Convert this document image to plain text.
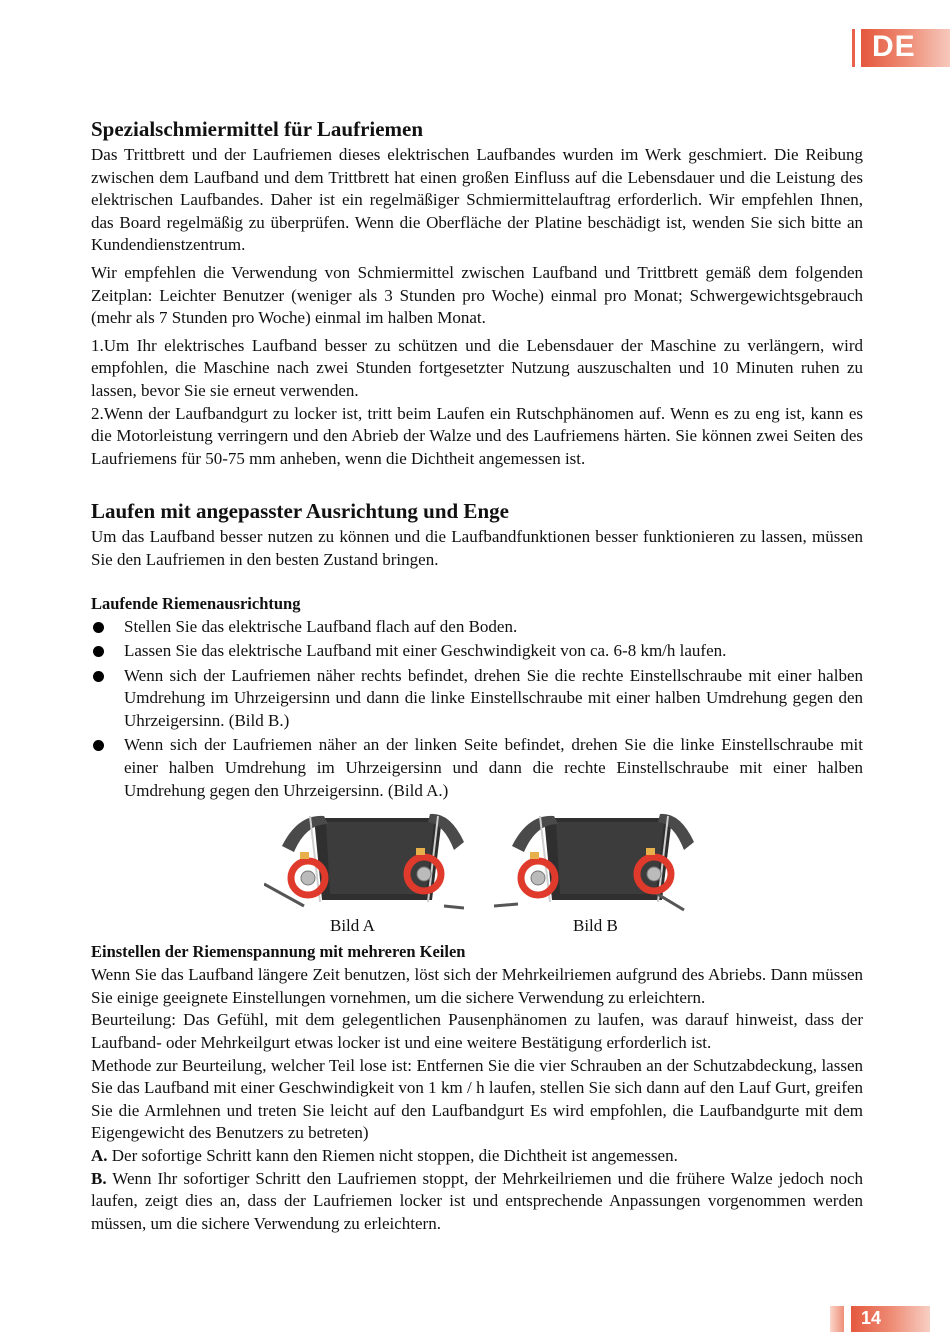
DE
Spezialschmiermittel für Laufriemen

Das Trittbrett und der Laufriemen dieses elektrischen Laufbandes wurden im Werk geschmiert. Die Reibung zwischen dem Laufband und dem Trittbrett hat einen großen Einfluss auf die Lebensdauer und die Leistung des elektrischen Laufbandes. Daher ist ein regelmäßiger Schmiermittelauftrag erforderlich. Wir empfehlen Ihnen, das Board regelmäßig zu überprüfen. Wenn die Oberfläche der Platine beschädigt ist, wenden Sie sich bitte an Kundendienstzentrum.

Wir empfehlen die Verwendung von Schmiermittel zwischen Laufband und Trittbrett gemäß dem folgenden Zeitplan: Leichter Benutzer (weniger als 3 Stunden pro Woche) einmal pro Monat; Schwergewichtsgebrauch (mehr als 7 Stunden pro Woche) einmal im halben Monat.

1.Um Ihr elektrisches Laufband besser zu schützen und die Lebensdauer der Maschine zu verlängern, wird empfohlen, die Maschine nach zwei Stunden fortgesetzter Nutzung auszuschalten und 10 Minuten ruhen zu lassen, bevor Sie sie erneut verwenden.

2.Wenn der Laufbandgurt zu locker ist, tritt beim Laufen ein Rutschphänomen auf. Wenn es zu eng ist, kann es die Motorleistung verringern und den Abrieb der Walze und des Laufriemens härten. Sie können zwei Seiten des Laufriemens für 50-75 mm anheben, wenn die Dichtheit angemessen ist.

Laufen mit angepasster Ausrichtung und Enge

Um das Laufband besser nutzen zu können und die Laufbandfunktionen besser funktionieren zu lassen, müssen Sie den Laufriemen in den besten Zustand bringen.

Laufende Riemenausrichtung
Stellen Sie das elektrische Laufband flach auf den Boden.
Lassen Sie das elektrische Laufband mit einer Geschwindigkeit von ca. 6-8 km/h laufen.
Wenn sich der Laufriemen näher rechts befindet, drehen Sie die rechte Einstellschraube mit einer halben Umdrehung im Uhrzeigersinn und dann die linke Einstellschraube mit einer halben Umdrehung gegen den Uhrzeigersinn. (Bild B.)
Wenn sich der Laufriemen näher an der linken Seite befindet, drehen Sie die linke Einstellschraube mit einer halben Umdrehung im Uhrzeigersinn und dann die rechte Einstellschraube mit einer halben Umdrehung gegen den Uhrzeigersinn. (Bild A.)
Bild A	Bild B
Einstellen der Riemenspannung mit mehreren Keilen

Wenn Sie das Laufband längere Zeit benutzen, löst sich der Mehrkeilriemen aufgrund des Abriebs. Dann müssen Sie einige geeignete Einstellungen vornehmen, um die sichere Verwendung zu erleichtern.

Beurteilung: Das Gefühl, mit dem gelegentlichen Pausenphänomen zu laufen, was darauf hinweist, dass der Laufband- oder Mehrkeilgurt etwas locker ist und eine weitere Bestätigung erforderlich ist.

Methode zur Beurteilung, welcher Teil lose ist: Entfernen Sie die vier Schrauben an der Schutzabdeckung, lassen Sie das Laufband mit einer Geschwindigkeit von 1 km / h laufen, stellen Sie sich dann auf den Lauf Gurt, greifen Sie die Armlehnen und treten Sie leicht auf den Laufbandgurt Es wird empfohlen, die Laufbandgurte mit dem Eigengewicht des Benutzers zu betreten)

A. Der sofortige Schritt kann den Riemen nicht stoppen, die Dichtheit ist angemessen.

B. Wenn Ihr sofortiger Schritt den Laufriemen stoppt, der Mehrkeilriemen und die frühere Walze jedoch noch laufen, zeigt dies an, dass der Laufriemen locker ist und entsprechende Anpassungen vorgenommen werden müssen, um die sichere Verwendung zu erleichtern.

14
